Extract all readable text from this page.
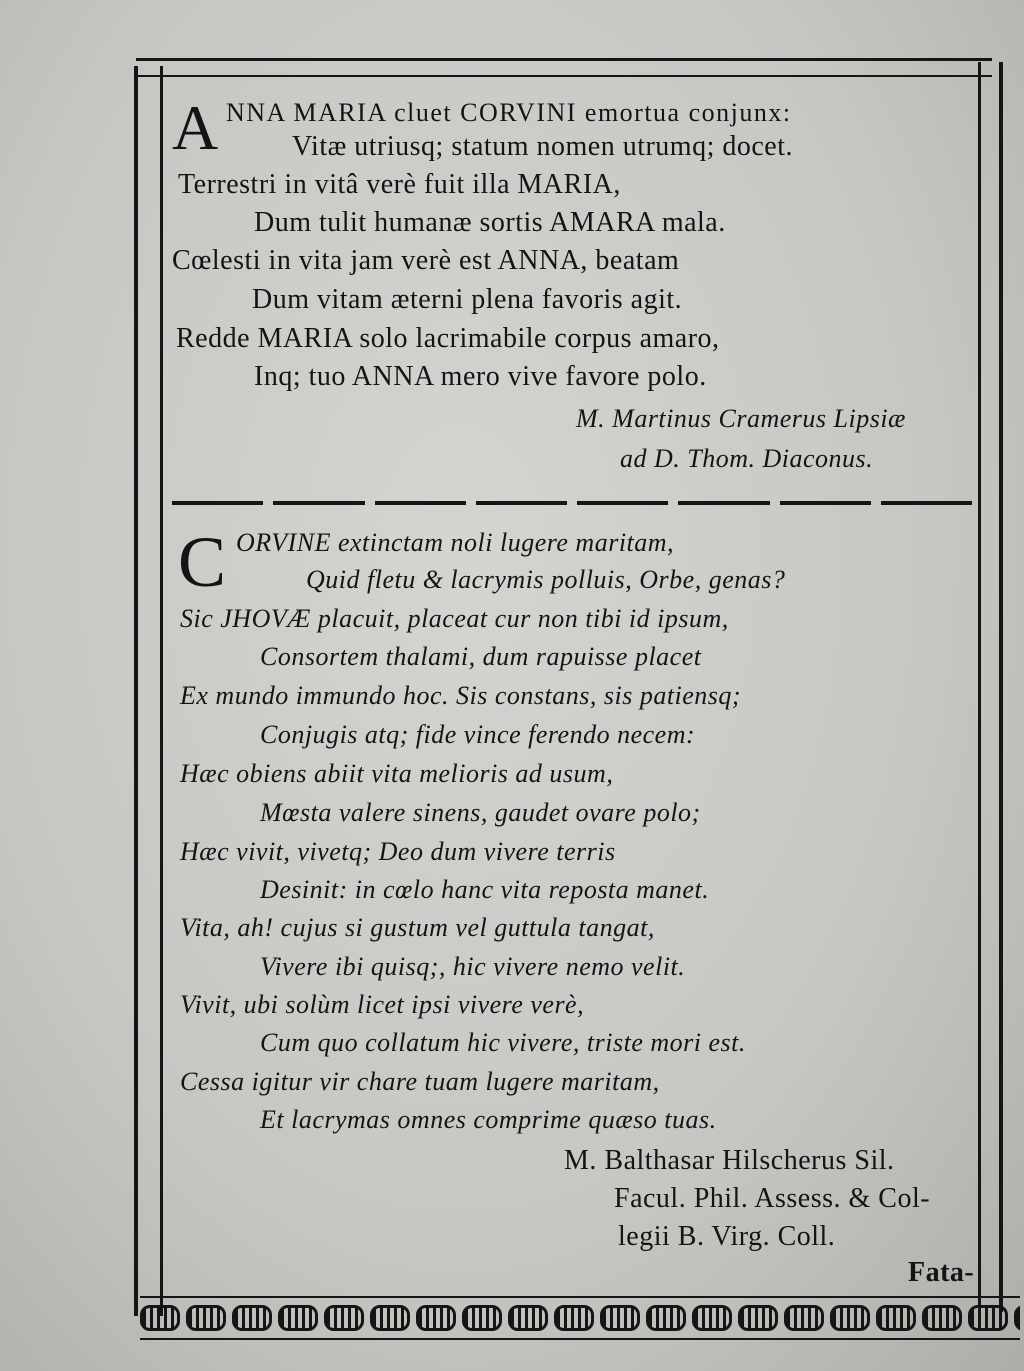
A NNA MARIA cluet CORVINI emortua conjunx:
Vitæ utriusq; statum nomen utrumq; docet.
Terrestri in vitâ verè fuit illa MARIA,
Dum tulit humanæ sortis AMARA mala.
Cœlesti in vita jam verè est ANNA, beatam
Dum vitam æterni plena favoris agit.
Redde MARIA solo lacrimabile corpus amaro,
Inq; tuo ANNA mero vive favore polo.
M. Martinus Cramerus Lipsiæ
ad D. Thom. Diaconus.
C ORVINE extinctam noli lugere maritam,
Quid fletu & lacrymis polluis, Orbe, genas?
Sic JHOVÆ placuit, placeat cur non tibi id ipsum,
Consortem thalami, dum rapuisse placet
Ex mundo immundo hoc. Sis constans, sis patiensq;
Conjugis atq; fide vince ferendo necem:
Hæc obiens abiit vita melioris ad usum,
Mœsta valere sinens, gaudet ovare polo;
Hæc vivit, vivetq; Deo dum vivere terris
Desinit: in cœlo hanc vita reposta manet.
Vita, ah! cujus si gustum vel guttula tangat,
Vivere ibi quisq;, hic vivere nemo velit.
Vivit, ubi solùm licet ipsi vivere verè,
Cum quo collatum hic vivere, triste mori est.
Cessa igitur vir chare tuam lugere maritam,
Et lacrymas omnes comprime quæso tuas.
M. Balthasar Hilscherus Sil.
Facul. Phil. Assess. & Col-
legii B. Virg. Coll.
Fata-
